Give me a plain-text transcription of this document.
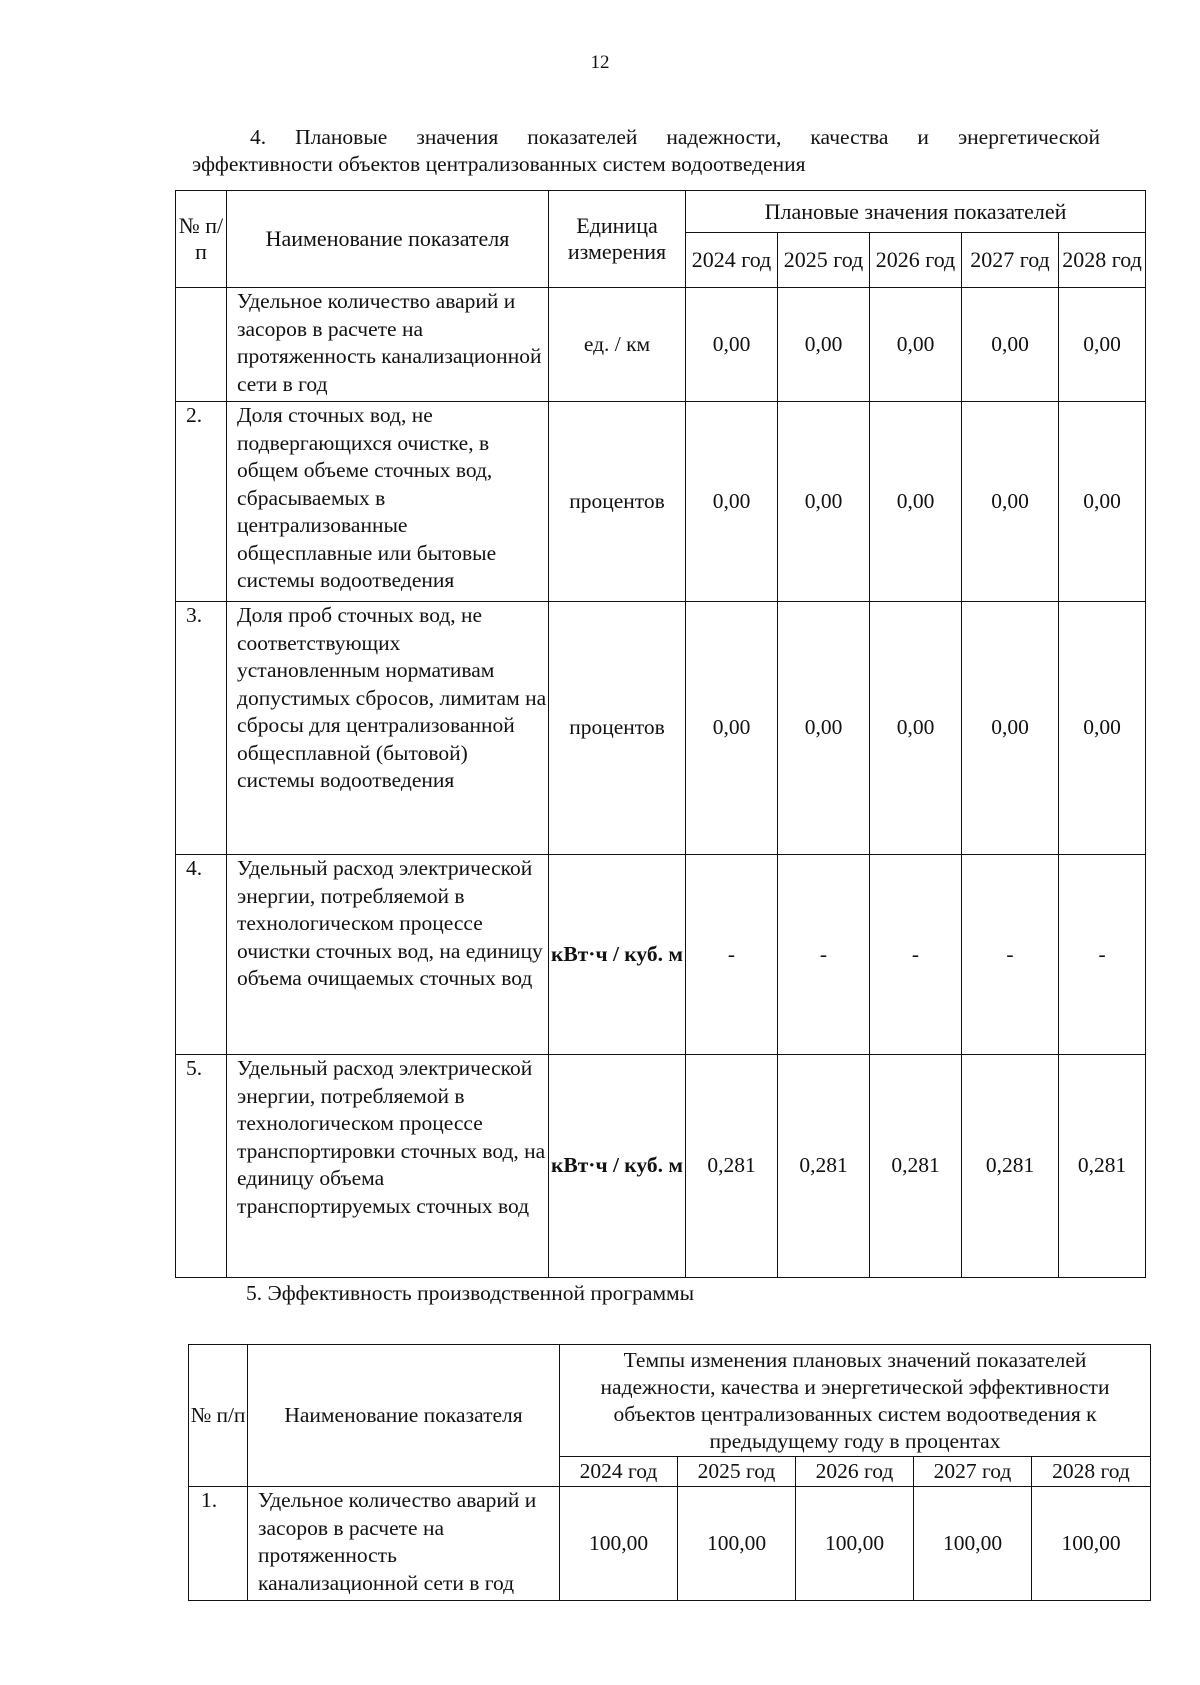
12
4. Плановые значения показателей надежности, качества и энергетической
эффективности объектов централизованных систем водоотведения
№ п/п	Наименование показателя	Единица измерения	Плановые значения показателей				
			2024 год	2025 год	2026 год	2027 год	2028 год
	Удельное количество аварий и засоров в расчете на протяженность канализационной сети в год	ед. / км	0,00	0,00	0,00	0,00	0,00
2.	Доля сточных вод, не подвергающихся очистке, в общем объеме сточных вод, сбрасываемых в централизованные общесплавные или бытовые системы водоотведения	процентов	0,00	0,00	0,00	0,00	0,00
3.	Доля проб сточных вод, не соответствующих установленным нормативам допустимых сбросов, лимитам на сбросы для централизованной общесплавной (бытовой) системы водоотведения	процентов	0,00	0,00	0,00	0,00	0,00
4.	Удельный расход электрической энергии, потребляемой в технологическом процессе очистки сточных вод, на единицу объема очищаемых сточных вод	кВт·ч / куб. м	-	-	-	-	-
5.	Удельный расход электрической энергии, потребляемой в технологическом процессе транспортировки сточных вод, на единицу объема транспортируемых сточных вод	кВт·ч / куб. м	0,281	0,281	0,281	0,281	0,281
5. Эффективность производственной программы
№ п/п	Наименование показателя	Темпы изменения плановых значений показателей надежности, качества и энергетической эффективности объектов централизованных систем водоотведения к предыдущему году в процентах				
		2024 год	2025 год	2026 год	2027 год	2028 год
1.	Удельное количество аварий и засоров в расчете на протяженность канализационной сети в год	100,00	100,00	100,00	100,00	100,00
